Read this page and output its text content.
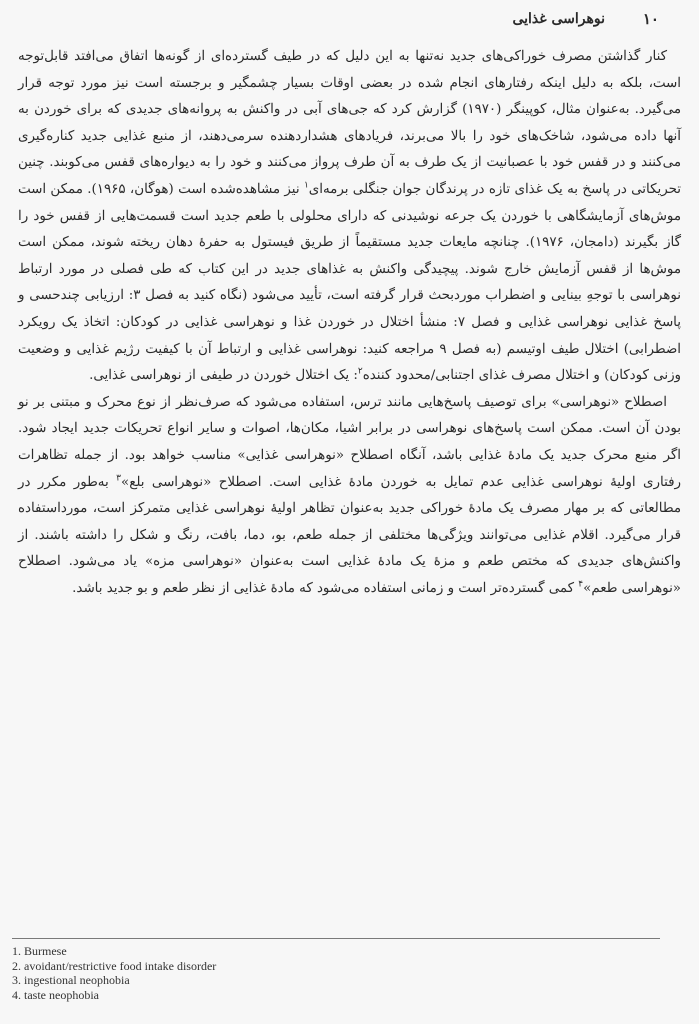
۱۰
نوهراسی غذایی

کنار گذاشتن مصرف خوراکی‌های جدید نه‌تنها به این دلیل که در طیف گسترده‌ای از گونه‌ها اتفاق می‌افتد قابل‌توجه است، بلکه به دلیل اینکه رفتارهای انجام شده در بعضی اوقات بسیار چشمگیر و برجسته است نیز مورد توجه قرار می‌گیرد. به‌عنوان مثال، کوپینگر (۱۹۷۰) گزارش کرد که جی‌های آبی در واکنش به پروانه‌های جدیدی که برای خوردن به آنها داده می‌شود، شاخک‌های خود را بالا می‌برند، فریادهای هشداردهنده سرمی‌دهند، از منبع غذایی جدید کناره‌گیری می‌کنند و در قفس خود با عصبانیت از یک طرف به آن طرف پرواز می‌کنند و خود را به دیواره‌های قفس می‌کوبند. چنین تحریکاتی در پاسخ به یک غذای تازه در پرندگان جوان جنگلی برمه‌ای$^۱$ نیز مشاهده‌شده است (هوگان، ۱۹۶۵). ممکن است موش‌های آزمایشگاهی با خوردن یک جرعه نوشیدنی که دارای محلولی با طعم جدید است قسمت‌هایی از قفس خود را گاز بگیرند (دامجان، ۱۹۷۶). چنانچه مایعات جدید مستقیماً از طریق فیستول به حفرهٔ دهان ریخته شوند، ممکن است موش‌ها از قفس آزمایش خارج شوند. پیچیدگی واکنش به غذاهای جدید در این کتاب که طی فصلی در مورد ارتباط نوهراسی با توجهِ بینایی و اضطراب موردبحث قرار گرفته است، تأیید می‌شود (نگاه کنید به فصل ۳: ارزیابی چندحسی و پاسخ غذایی نوهراسی غذایی و فصل ۷: منشأ اختلال در خوردن غذا و نوهراسی غذایی در کودکان: اتخاذ یک رویکرد اضطرابی) اختلال طیف اوتیسم (به فصل ۹ مراجعه کنید: نوهراسی غذایی و ارتباط آن با کیفیت رژیم غذایی و وضعیت وزنی کودکان) و اختلال مصرف غذای اجتنابی/محدود کننده$^۲$: یک اختلال خوردن در طیفی از نوهراسی غذایی.

اصطلاح «نوهراسی» برای توصیف پاسخ‌هایی مانند ترس، استفاده می‌شود که صرف‌نظر از نوع محرک و مبتنی بر نو بودن آن است. ممکن است پاسخ‌های نوهراسی در برابر اشیا، مکان‌ها، اصوات و سایر انواع تحریکات جدید ایجاد شود. اگر منبع محرک جدید یک مادهٔ غذایی باشد، آنگاه اصطلاح «نوهراسی غذایی» مناسب خواهد بود. از جمله تظاهرات رفتاری اولیهٔ نوهراسی غذایی عدم تمایل به خوردن مادهٔ غذایی است. اصطلاح «نوهراسی بلع»$^۳$ به‌طور مکرر در مطالعاتی که بر مهار مصرف یک مادهٔ خوراکی جدید به‌عنوان تظاهر اولیهٔ نوهراسی غذایی متمرکز است، مورداستفاده قرار می‌گیرد. اقلام غذایی می‌توانند ویژگی‌ها مختلفی از جمله طعم، بو، دما، بافت، رنگ و شکل را داشته باشند. از واکنش‌های جدیدی که مختص طعم و مزهٔ یک مادهٔ غذایی است به‌عنوان «نوهراسی مزه» یاد می‌شود. اصطلاح «نوهراسی طعم»$^۴$ کمی گسترده‌تر است و زمانی استفاده می‌شود که مادهٔ غذایی از نظر طعم و بو جدید باشد.

1. Burmese
2. avoidant/restrictive food intake disorder
3. ingestional neophobia
4. taste neophobia
